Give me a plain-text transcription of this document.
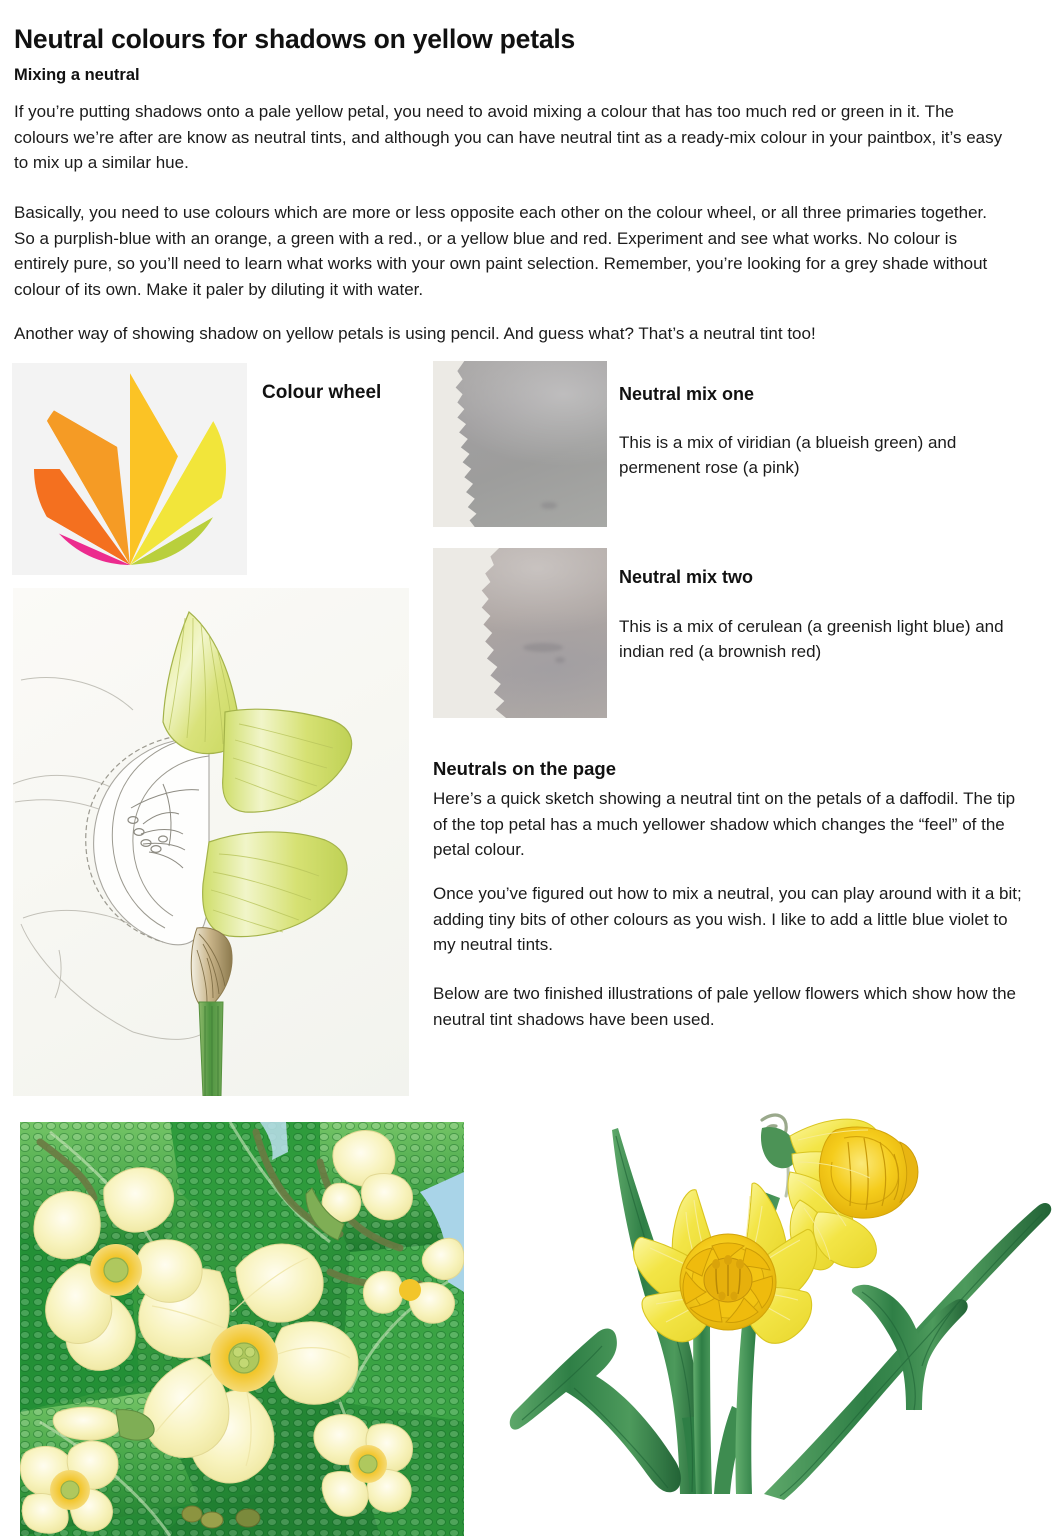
Neutral colours for shadows on yellow petals
Mixing a neutral
If you’re putting shadows onto a pale yellow petal, you need to avoid mixing a colour that has too much red or green in it. The colours we’re after are know as neutral tints, and although you can have neutral tint as a ready-mix colour in your paintbox, it’s easy to mix up a similar hue.
Basically, you need to use colours which are more or less opposite each other on the colour wheel, or all three primaries together. So a purplish-blue with an orange, a green with a red., or a yellow blue and red. Experiment and see what works. No colour is entirely pure, so you’ll need to learn what works with your own paint selection. Remember, you’re looking for a grey shade without colour of its own. Make it paler by diluting it with water.
Another way of showing shadow on yellow petals is using pencil. And guess what? That’s a neutral tint too!
Colour wheel	Neutral mix one
This is a mix of viridian (a blueish green) and permenent rose (a pink)
Neutral mix two
This is a mix of cerulean (a greenish light blue) and indian red (a brownish red)
Neutrals on the page
Here’s a quick sketch showing a neutral tint on the petals of a daffodil. The tip of the top petal has a much yellower shadow which changes the “feel” of the petal colour.
Once you’ve figured out how to mix a neutral, you can play around with it a bit; adding tiny bits of other colours as you wish. I like to add a little blue violet to my neutral tints.
Below are two finished illustrations of pale yellow flowers which show how the neutral tint shadows have been used.
